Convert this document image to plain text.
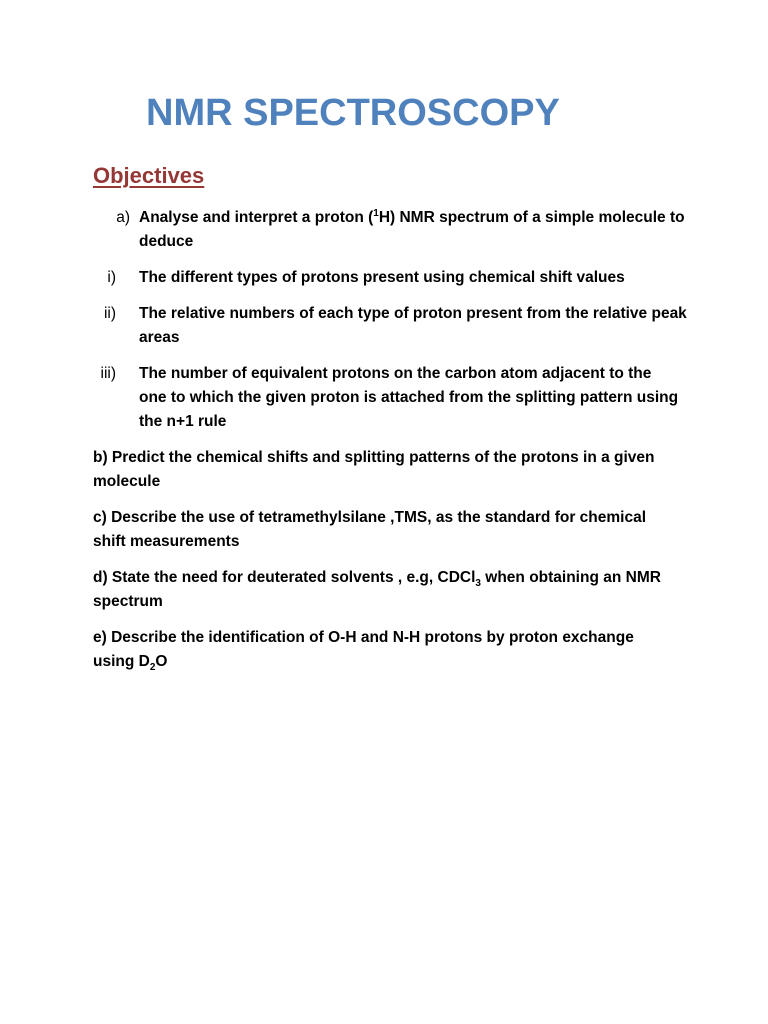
NMR SPECTROSCOPY
Objectives
a) Analyse and interpret a proton ($^1$H) NMR spectrum of a simple molecule to deduce
i) The different types of protons present using chemical shift values
ii) The relative numbers of each type of proton present from the relative peak areas
iii) The number of equivalent protons on the carbon atom adjacent to the one to which the given proton is attached from the splitting pattern using the n+1 rule
b) Predict the chemical shifts and splitting patterns of the protons in a given molecule
c) Describe the use of tetramethylsilane ,TMS, as the standard for chemical shift measurements
d) State the need for deuterated solvents , e.g, CDCl$_3$ when obtaining an NMR spectrum
e) Describe the identification of O-H and N-H protons by proton exchange using $D_2O$
